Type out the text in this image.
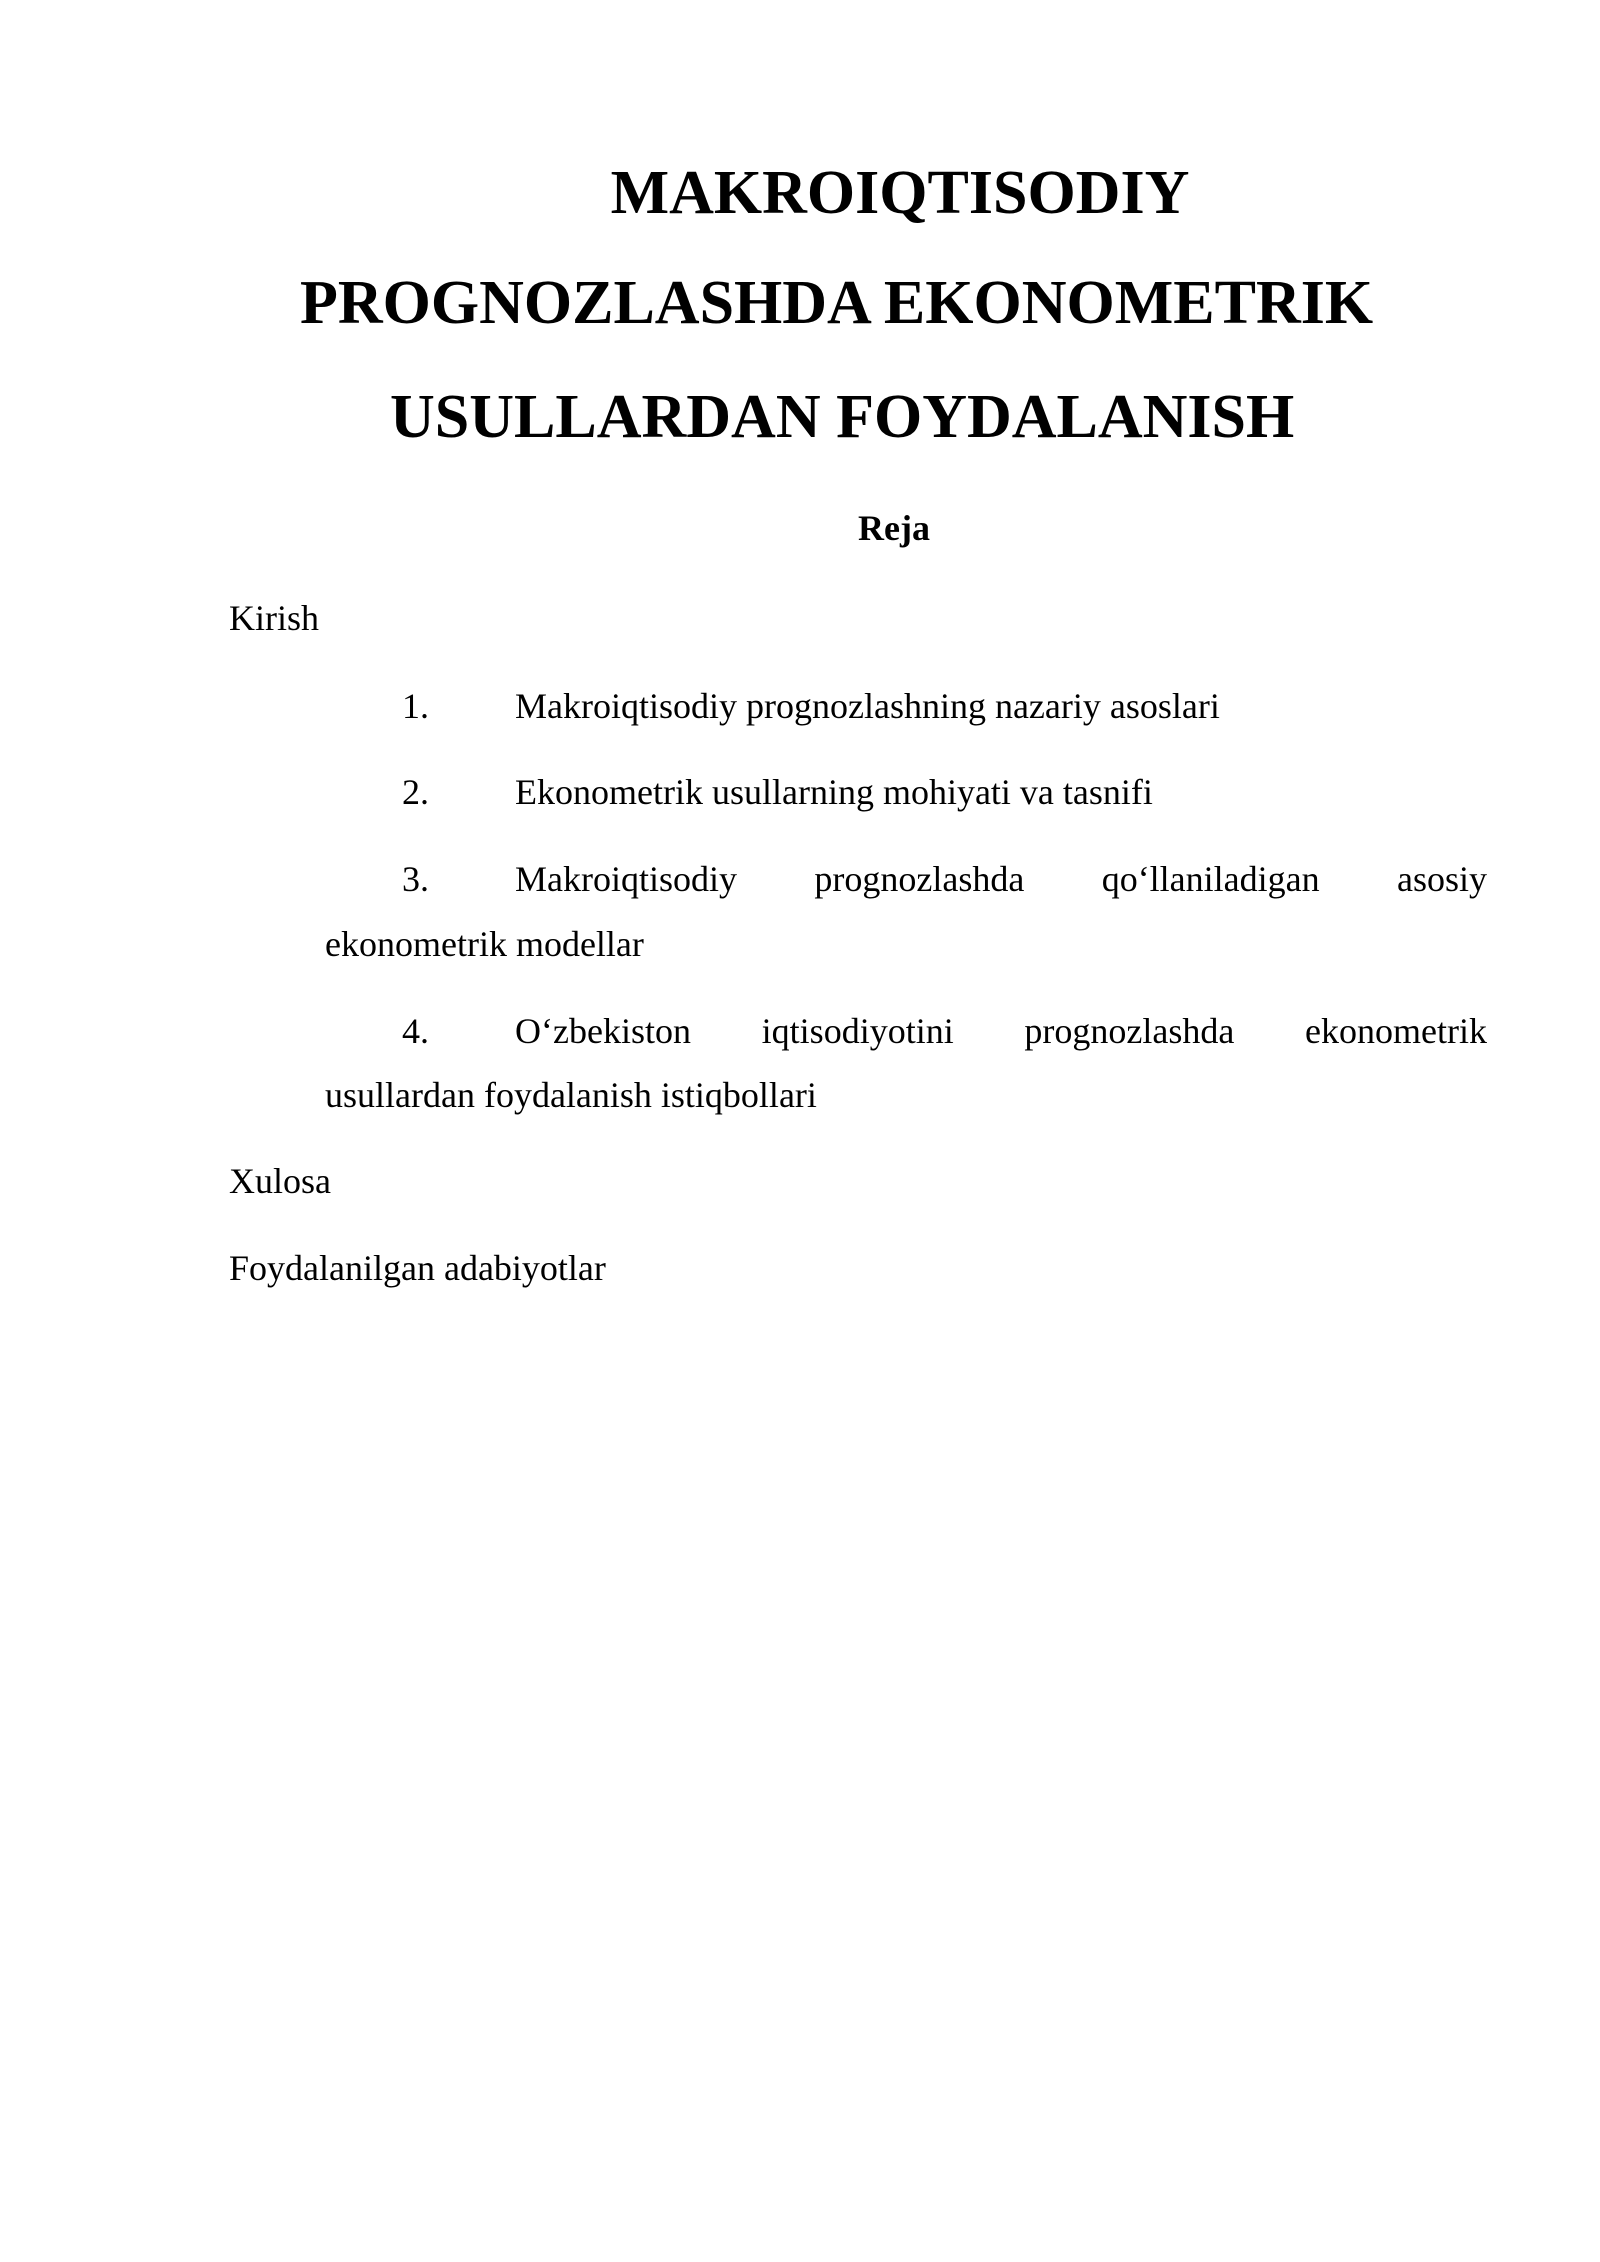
MAKROIQTISODIY
PROGNOZLASHDA EKONOMETRIK
USULLARDAN FOYDALANISH
Reja
Kirish
1. Makroiqtisodiy prognozlashning nazariy asoslari
2. Ekonometrik usullarning mohiyati va tasnifi
3. Makroiqtisodiy prognozlashda qo‘llaniladigan asosiy
ekonometrik modellar
4. O‘zbekiston iqtisodiyotini prognozlashda ekonometrik
usullardan foydalanish istiqbollari
Xulosa
Foydalanilgan adabiyotlar
